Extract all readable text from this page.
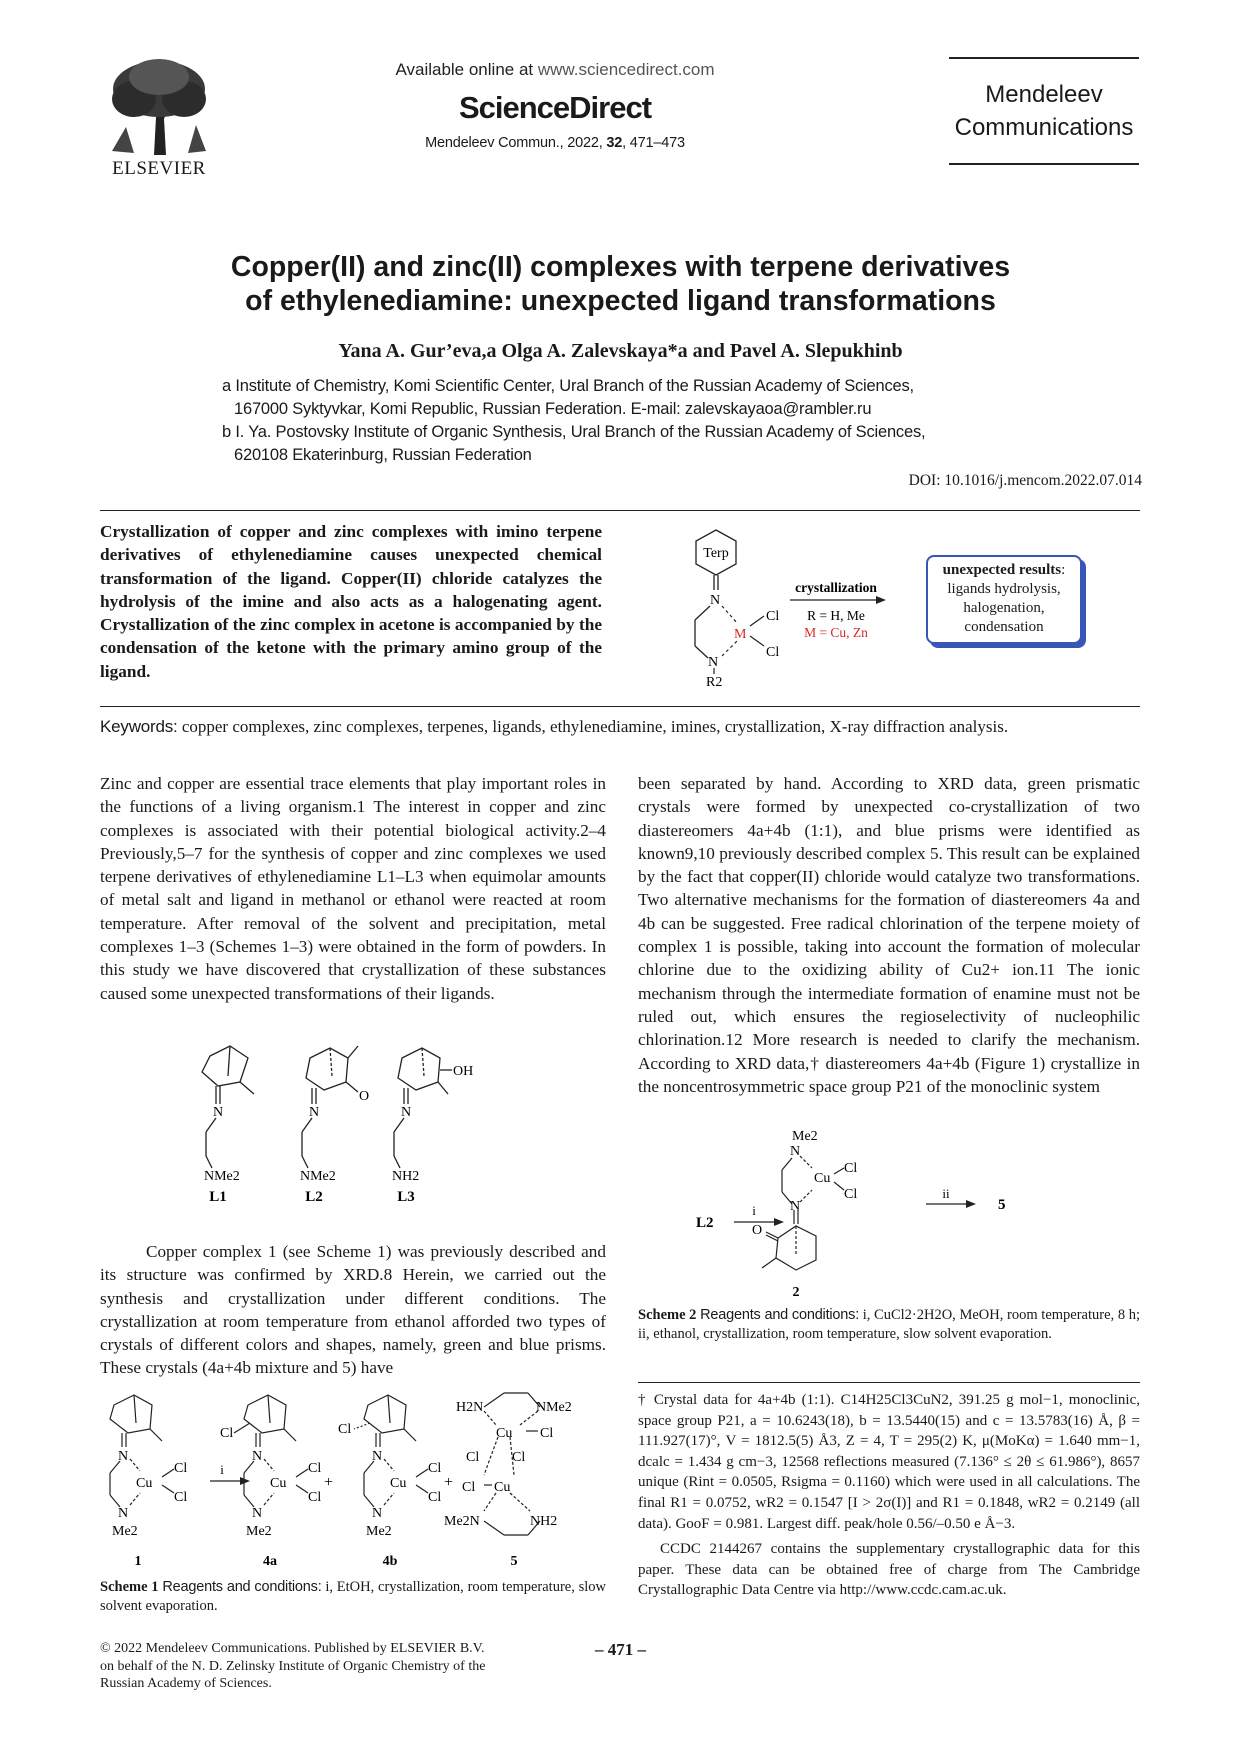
ELSEVIER
Available online at www.sciencedirect.com
ScienceDirect
Mendeleev Commun., 2022, 32, 471–473
Mendeleev
Communications
Copper(II) and zinc(II) complexes with terpene derivatives
of ethylenediamine: unexpected ligand transformations
Yana A. Gur’eva,a Olga A. Zalevskaya*a and Pavel A. Slepukhinb
a Institute of Chemistry, Komi Scientific Center, Ural Branch of the Russian Academy of Sciences,
167000 Syktyvkar, Komi Republic, Russian Federation. E-mail: zalevskayaoa@rambler.ru
b I. Ya. Postovsky Institute of Organic Synthesis, Ural Branch of the Russian Academy of Sciences,
620108 Ekaterinburg, Russian Federation
DOI: 10.1016/j.mencom.2022.07.014
Crystallization of copper and zinc complexes with imino terpene derivatives of ethylenediamine causes unexpected chemical transformation of the ligand. Copper(II) chloride catalyzes the hydrolysis of the imine and also acts as a halogenating agent. Crystallization of the zinc complex in acetone is accompanied by the condensation of the ketone with the primary amino group of the ligand.
Terp
N
M
Cl
Cl
N
R2
crystallization
R = H, Me
M = Cu, Zn
unexpected results:
ligands hydrolysis,
halogenation,
condensation
Keywords: copper complexes, zinc complexes, terpenes, ligands, ethylenediamine, imines, crystallization, X-ray diffraction analysis.

Zinc and copper are essential trace elements that play important roles in the functions of a living organism.1 The interest in copper and zinc complexes is associated with their potential biological activity.2–4 Previously,5–7 for the synthesis of copper and zinc complexes we used terpene derivatives of ethylenediamine L1–L3 when equimolar amounts of metal salt and ligand in methanol or ethanol were reacted at room temperature. After removal of the solvent and precipitation, metal complexes 1–3 (Schemes 1–3) were obtained in the form of powders. In this study we have discovered that crystallization of these substances caused some unexpected transformations of their ligands.

N
NMe2
L1
O
N
NMe2
L2
OH
N
NH2
L3

Copper complex 1 (see Scheme 1) was previously described and its structure was confirmed by XRD.8 Herein, we carried out the synthesis and crystallization under different conditions. The crystallization at room temperature from ethanol afforded two types of crystals of different colors and shapes, namely, green and blue prisms. These crystals (4a+4b mixture and 5) have

i
N
Cu
Cl
Cl
N
Me2
1
Cl
N
Cu
Cl
Cl
N
Me2
4a
+
Cl
N
Cu
Cl
Cl
N
Me2
4b
+
H2N	NMe2
Cu Cl
Cl Cl
Cl Cu
Me2N	NH2
5
Scheme 1 Reagents and conditions: i, EtOH, crystallization, room temperature, slow solvent evaporation.

been separated by hand. According to XRD data, green prismatic crystals were formed by unexpected co-crystallization of two diastereomers 4a+4b (1:1), and blue prisms were identified as known9,10 previously described complex 5. This result can be explained by the fact that copper(II) chloride would catalyze two transformations. Two alternative mechanisms for the formation of diastereomers 4a and 4b can be suggested. Free radical chlorination of the terpene moiety of complex 1 is possible, taking into account the formation of molecular chlorine due to the oxidizing ability of Cu2+ ion.11 The ionic mechanism through the intermediate formation of enamine must not be ruled out, which ensures the regioselectivity of nucleophilic chlorination.12 More research is needed to clarify the mechanism. According to XRD data,† diastereomers 4a+4b (Figure 1) crystallize in the noncentrosymmetric space group P21 of the monoclinic system

L2
i
ii
5
Me2
N
Cu
Cl
Cl
N
O
2
Scheme 2 Reagents and conditions: i, CuCl2·2H2O, MeOH, room temperature, 8 h; ii, ethanol, crystallization, room temperature, slow solvent evaporation.
† Crystal data for 4a+4b (1:1). C14H25Cl3CuN2, 391.25 g mol−1, monoclinic, space group P21, a = 10.6243(18), b = 13.5440(15) and c = 13.5783(16) Å, β = 111.927(17)°, V = 1812.5(5) Å3, Z = 4, T = 295(2) K, μ(MoKα) = 1.640 mm−1, dcalc = 1.434 g cm−3, 12568 reflections measured (7.136° ≤ 2θ ≤ 61.986°), 8657 unique (Rint = 0.0505, Rsigma = 0.1160) which were used in all calculations. The final R1 = 0.0752, wR2 = 0.1547 [I > 2σ(I)] and R1 = 0.1848, wR2 = 0.2149 (all data). GooF = 0.981. Largest diff. peak/hole 0.56/–0.50 e Å−3.
CCDC 2144267 contains the supplementary crystallographic data for this paper. These data can be obtained free of charge from The Cambridge Crystallographic Data Centre via http://www.ccdc.cam.ac.uk.
© 2022 Mendeleev Communications. Published by ELSEVIER B.V.
on behalf of the N. D. Zelinsky Institute of Organic Chemistry of the
Russian Academy of Sciences.
– 471 –
